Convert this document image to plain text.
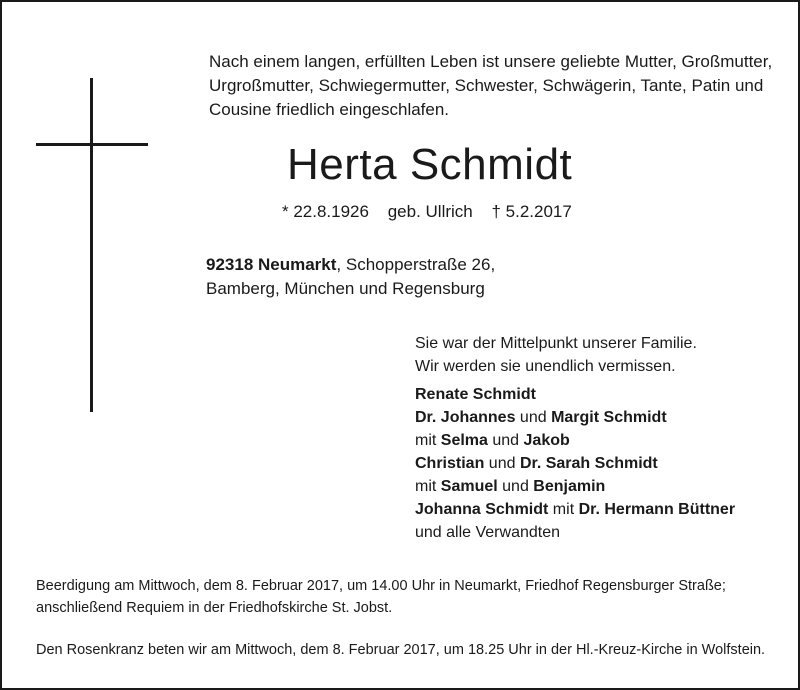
Nach einem langen, erfüllten Leben ist unsere geliebte Mutter, Großmutter,
Urgroßmutter, Schwiegermutter, Schwester, Schwägerin, Tante, Patin und
Cousine friedlich eingeschlafen.

Herta Schmidt
* 22.8.1926 geb. Ullrich † 5.2.2017
92318 Neumarkt, Schopperstraße 26,
Bamberg, München und Regensburg
Sie war der Mittelpunkt unserer Familie.
Wir werden sie unendlich vermissen.
Renate Schmidt
Dr. Johannes und Margit Schmidt
mit Selma und Jakob
Christian und Dr. Sarah Schmidt
mit Samuel und Benjamin
Johanna Schmidt mit Dr. Hermann Büttner
und alle Verwandten
Beerdigung am Mittwoch, dem 8. Februar 2017, um 14.00 Uhr in Neumarkt, Friedhof Regensburger Straße;
anschließend Requiem in der Friedhofskirche St. Jobst.
Den Rosenkranz beten wir am Mittwoch, dem 8. Februar 2017, um 18.25 Uhr in der Hl.-Kreuz-Kirche in Wolfstein.
